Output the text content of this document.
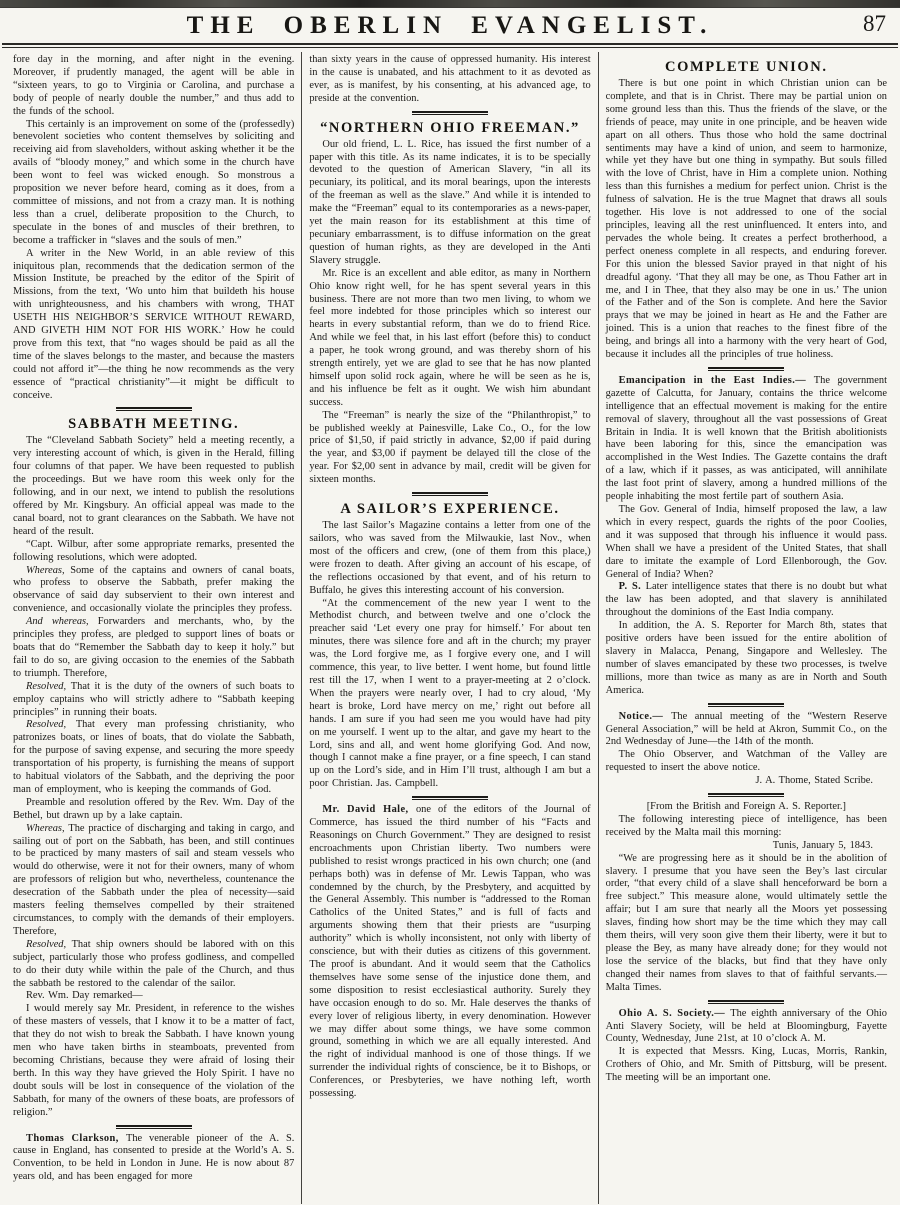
THE OBERLIN EVANGELIST.	87

fore day in the morning, and after night in the evening. Moreover, if prudently managed, the agent will be able in “sixteen years, to go to Virginia or Carolina, and purchase a body of people of nearly double the number,” and thus add to the funds of the school.

This certainly is an improvement on some of the (professedly) benevolent societies who content themselves by soliciting and receiving aid from slaveholders, without asking whether it be the avails of “bloody money,” and which some in the church have been wont to feel was wicked enough. So monstrous a proposition we never before heard, coming as it does, from a committee of missions, and not from a crazy man. It is nothing less than a cruel, deliberate proposition to the Church, to speculate in the bones of and muscles of their brethren, to become a trafficker in “slaves and the souls of men.”

A writer in the New World, in an able review of this iniquitous plan, recommends that the dedication sermon of the Mission Institute, be preached by the editor of the Spirit of Missions, from the text, ‘Wo unto him that buildeth his house with unrighteousness, and his chambers with wrong, THAT USETH HIS NEIGHBOR’S SERVICE WITHOUT REWARD, AND GIVETH HIM NOT FOR HIS WORK.’ How he could prove from this text, that “no wages should be paid as all the time of the slaves belongs to the master, and because the masters could not afford it”—the thing he now recommends as the very essence of “practical christianity”—it might be difficult to conceive.

SABBATH MEETING.

The “Cleveland Sabbath Society” held a meeting recently, a very interesting account of which, is given in the Herald, filling four columns of that paper. We have been requested to publish the proceedings. But we have room this week only for the following, and in our next, we intend to publish the resolutions offered by Mr. Kingsbury. An official appeal was made to the canal board, not to grant clearances on the Sabbath. We have not heard of the result.

“Capt. Wilbur, after some appropriate remarks, presented the following resolutions, which were adopted.

Whereas, Some of the captains and owners of canal boats, who profess to observe the Sabbath, prefer making the observance of said day subservient to their own interest and convenience, and occasionally violate the principles they profess.

And whereas, Forwarders and merchants, who, by the principles they profess, are pledged to support lines of boats or boats that do “Remember the Sabbath day to keep it holy.” but fail to do so, are giving occasion to the enemies of the Sabbath to triumph. Therefore,

Resolved, That it is the duty of the owners of such boats to employ captains who will strictly adhere to “Sabbath keeping principles” in running their boats.

Resolved, That every man professing christianity, who patronizes boats, or lines of boats, that do violate the Sabbath, for the purpose of saving expense, and securing the more speedy transportation of his property, is furnishing the means of support to habitual violators of the Sabbath, and the depriving the poor man of employment, who is keeping the commands of God.

Preamble and resolution offered by the Rev. Wm. Day of the Bethel, but drawn up by a lake captain.

Whereas, The practice of discharging and taking in cargo, and sailing out of port on the Sabbath, has been, and still continues to be practiced by many masters of sail and steam vessels who would do otherwise, were it not for their owners, many of whom are professors of religion but who, nevertheless, countenance the desecration of the Sabbath under the plea of necessity—said masters feeling themselves compelled by their straitened circumstances, to comply with the demands of their employers. Therefore,

Resolved, That ship owners should be labored with on this subject, particularly those who profess godliness, and compelled to do their duty while within the pale of the Church, and thus the sabbath be restored to the calendar of the sailor.

Rev. Wm. Day remarked—

I would merely say Mr. President, in reference to the wishes of these masters of vessels, that I know it to be a matter of fact, that they do not wish to break the Sabbath. I have known young men who have taken births in steamboats, prevented from becoming Christians, because they were afraid of losing their berth. In this way they have grieved the Holy Spirit. I have no doubt souls will be lost in consequence of the violation of the Sabbath, for many of the owners of these boats, are professors of religion.”

Thomas Clarkson, The venerable pioneer of the A. S. cause in England, has consented to preside at the World’s A. S. Convention, to be held in London in June. He is now about 87 years old, and has been engaged for more

than sixty years in the cause of oppressed humanity. His interest in the cause is unabated, and his attachment to it as devoted as ever, as is manifest, by his consenting, at his advanced age, to preside at the convention.

“NORTHERN OHIO FREEMAN.”

Our old friend, L. L. Rice, has issued the first number of a paper with this title. As its name indicates, it is to be specially devoted to the question of American Slavery, “in all its pecuniary, its political, and its moral bearings, upon the interests of the freeman as well as the slave.” And while it is intended to make the “Freeman” equal to its contemporaries as a news-paper, yet the main reason for its establishment at this time of pecuniary embarrassment, is to diffuse information on the great question of human rights, as they are developed in the Anti Slavery struggle.

Mr. Rice is an excellent and able editor, as many in Northern Ohio know right well, for he has spent several years in this business. There are not more than two men living, to whom we feel more indebted for those principles which so interest our hearts in every substantial reform, than we do to friend Rice. And while we feel that, in his last effort (before this) to conduct a paper, he took wrong ground, and was thereby shorn of his strength entirely, yet we are glad to see that he has now planted himself upon solid rock again, where he will be seen as he is, and his influence be felt as it ought. We wish him abundant success.

The “Freeman” is nearly the size of the “Philanthropist,” to be published weekly at Painesville, Lake Co., O., for the low price of $1,50, if paid strictly in advance, $2,00 if paid during the year, and $3,00 if payment be delayed till the close of the year. For $2,00 sent in advance by mail, credit will be given for sixteen months.

A SAILOR’S EXPERIENCE.

The last Sailor’s Magazine contains a letter from one of the sailors, who was saved from the Milwaukie, last Nov., when most of the officers and crew, (one of them from this place,) were frozen to death. After giving an account of his escape, of the reflections occasioned by that event, and of his return to Buffalo, he gives this interesting account of his conversion.

“At the commencement of the new year I went to the Methodist church, and between twelve and one o’clock the preacher said ‘Let every one pray for himself.’ For about ten minutes, there was silence fore and aft in the church; my prayer was, the Lord forgive me, as I forgive every one, and I will commence, this year, to live better. I went home, but found little rest till the 17, when I went to a prayer-meeting at 2 o’clock. When the prayers were nearly over, I had to cry aloud, ‘My heart is broke, Lord have mercy on me,’ right out before all hands. I am sure if you had seen me you would have had pity on me yourself. I went up to the altar, and gave my heart to the Lord, sins and all, and went home glorifying God. And now, though I cannot make a fine prayer, or a fine speech, I can stand up on the Lord’s side, and in Him I’ll trust, although I am but a poor Christian. Jas. Campbell.

Mr. David Hale, one of the editors of the Journal of Commerce, has issued the third number of his “Facts and Reasonings on Church Government.” They are designed to resist encroachments upon Christian liberty. Two numbers were published to resist wrongs practiced in his own church; one (and perhaps both) was in defense of Mr. Lewis Tappan, who was condemned by the church, by the Presbytery, and acquitted by the General Assembly. This number is “addressed to the Roman Catholics of the United States,” and is full of facts and arguments showing them that their priests are “usurping authority” which is wholly inconsistent, not only with liberty of conscience, but with their duties as citizens of this government. The proof is abundant. And it would seem that the Catholics themselves have some sense of the injustice done them, and some disposition to resist ecclesiastical authority. Surely they have occasion enough to do so. Mr. Hale deserves the thanks of every lover of religious liberty, in every denomination. However we may differ about some things, we have some common ground, something in which we are all equally interested. And the right of individual manhood is one of those things. If we surrender the individual rights of conscience, be it to Bishops, or Conferences, or Presbyteries, we have nothing left, worth possessing.

COMPLETE UNION.

There is but one point in which Christian union can be complete, and that is in Christ. There may be partial union on some ground less than this. Thus the friends of the slave, or the friends of peace, may unite in one principle, and be heaven wide apart on all others. Thus those who hold the same doctrinal sentiments may have a kind of union, and seem to harmonize, while yet they have but one thing in sympathy. But souls filled with the love of Christ, have in Him a complete union. Nothing less than this furnishes a medium for perfect union. Christ is the fulness of salvation. He is the true Magnet that draws all souls together. His love is not addressed to one of the social principles, leaving all the rest uninfluenced. It enters into, and pervades the whole being. It creates a perfect brotherhood, a perfect oneness complete in all respects, and enduring forever. For this union the blessed Savior prayed in that night of his dreadful agony. ‘That they all may be one, as Thou Father art in me, and I in Thee, that they also may be one in us.’ The union of the Father and of the Son is complete. And here the Savior prays that we may be joined in heart as He and the Father are joined. This is a union that reaches to the finest fibre of the being, and brings all into a harmony with the very heart of God, because it includes all the principles of true holiness.

Emancipation in the East Indies.— The government gazette of Calcutta, for January, contains the thrice welcome intelligence that an effectual movement is making for the entire removal of slavery, throughout all the vast possessions of Great Britain in India. It is well known that the British abolitionists have been laboring for this, since the emancipation was accomplished in the West Indies. The Gazette contains the draft of a law, which if it passes, as was anticipated, will annihilate the last foot print of slavery, among a hundred millions of the people inhabiting the most fertile part of southern Asia.

The Gov. General of India, himself proposed the law, a law which in every respect, guards the rights of the poor Coolies, and it was supposed that through his influence it would pass. When shall we have a president of the United States, that shall dare to imitate the example of Lord Ellenborough, the Gov. General of India? When?

P. S. Later intelligence states that there is no doubt but what the law has been adopted, and that slavery is annihilated throughout the dominions of the East India company.

In addition, the A. S. Reporter for March 8th, states that positive orders have been issued for the entire abolition of slavery in Malacca, Penang, Singapore and Wellesley. The number of slaves emancipated by these two processes, is twelve millions, more than twice as many as are in North and South America.

Notice.— The annual meeting of the “Western Reserve General Association,” will be held at Akron, Summit Co., on the 2nd Wednesday of June—the 14th of the month.

The Ohio Observer, and Watchman of the Valley are requested to insert the above notice.

J. A. Thome, Stated Scribe.

[From the British and Foreign A. S. Reporter.]

The following interesting piece of intelligence, has been received by the Malta mail this morning:

Tunis, January 5, 1843.

“We are progressing here as it should be in the abolition of slavery. I presume that you have seen the Bey’s last circular order, “that every child of a slave shall henceforward be born a free subject.” This measure alone, would ultimately settle the affair; but I am sure that nearly all the Moors yet possessing slaves, finding how short may be the time which they may call them theirs, will very soon give them their liberty, were it but to please the Bey, as many have already done; for they would not lose the service of the blacks, but find that they have only changed their names from slaves to that of faithful servants.—Malta Times.

Ohio A. S. Society.— The eighth anniversary of the Ohio Anti Slavery Society, will be held at Bloomingburg, Fayette County, Wednesday, June 21st, at 10 o’clock A. M.

It is expected that Messrs. King, Lucas, Morris, Rankin, Crothers of Ohio, and Mr. Smith of Pittsburg, will be present. The meeting will be an important one.
